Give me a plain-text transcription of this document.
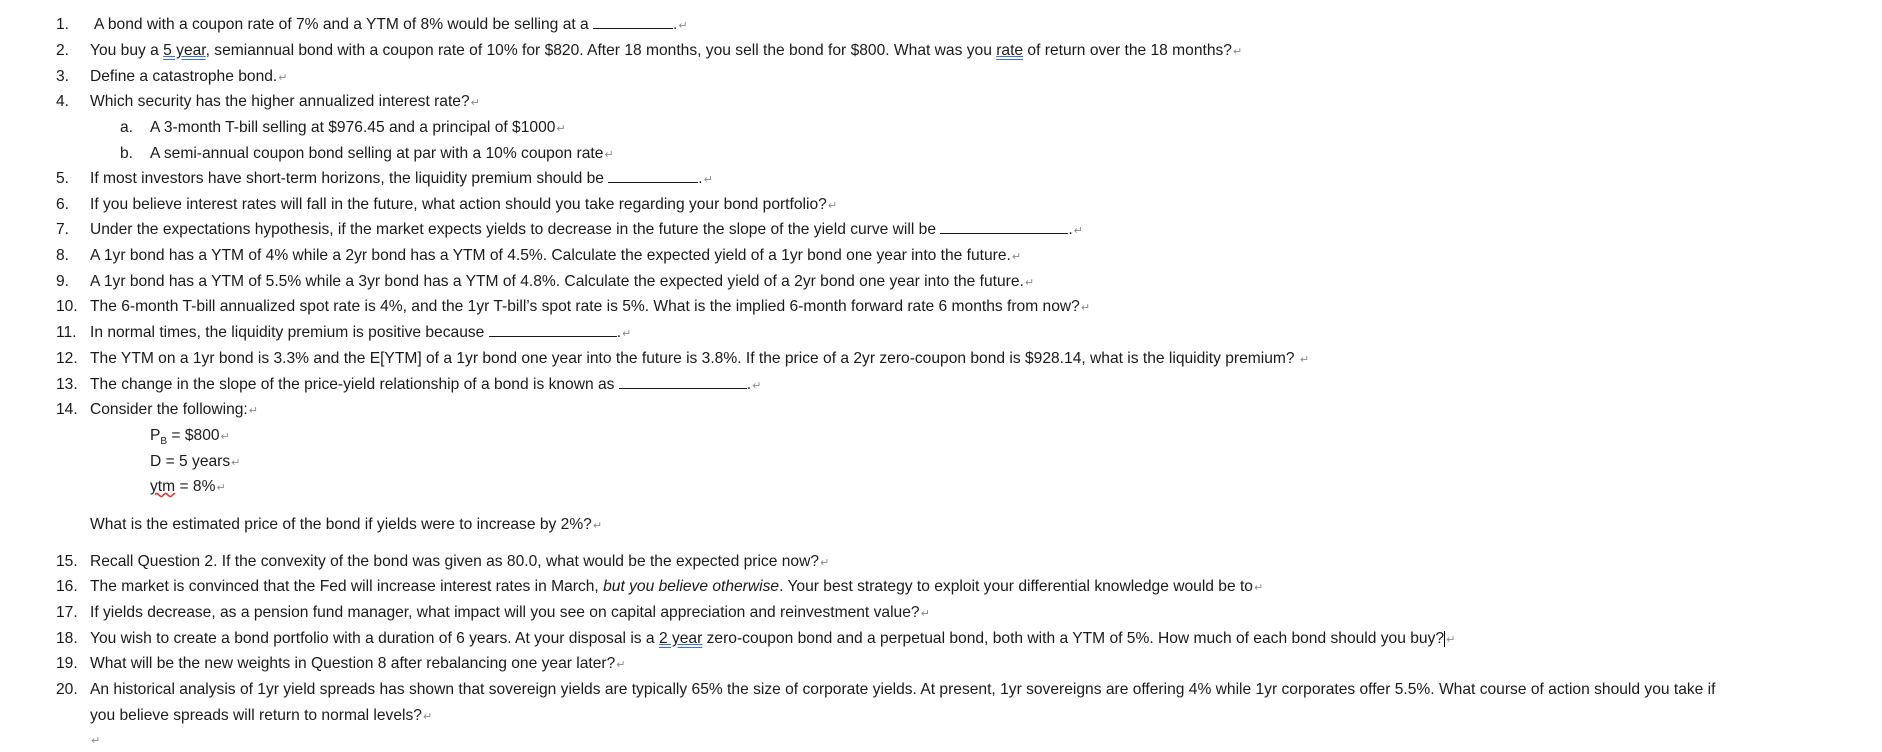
1.	A bond with a coupon rate of 7% and a YTM of 8% would be selling at a	.↵
2.	You buy a 5 year, semiannual bond with a coupon rate of 10% for $820. After 18 months, you sell the bond for $800. What was you rate of return over the 18 months?↵
3.	Define a catastrophe bond.↵
4.	Which security has the higher annualized interest rate?↵
a.	A 3-month T-bill selling at $976.45 and a principal of $1000↵
b.	A semi-annual coupon bond selling at par with a 10% coupon rate↵
5.	If most investors have short-term horizons, the liquidity premium should be	.↵
6.	If you believe interest rates will fall in the future, what action should you take regarding your bond portfolio?↵
7.	Under the expectations hypothesis, if the market expects yields to decrease in the future the slope of the yield curve will be	.↵
8.	A 1yr bond has a YTM of 4% while a 2yr bond has a YTM of 4.5%. Calculate the expected yield of a 1yr bond one year into the future.↵
9.	A 1yr bond has a YTM of 5.5% while a 3yr bond has a YTM of 4.8%. Calculate the expected yield of a 2yr bond one year into the future.↵
10. The 6-month T-bill annualized spot rate is 4%, and the 1yr T-bill’s spot rate is 5%. What is the implied 6-month forward rate 6 months from now?↵
11. In normal times, the liquidity premium is positive because	.↵
12. The YTM on a 1yr bond is 3.3% and the E[YTM] of a 1yr bond one year into the future is 3.8%. If the price of a 2yr zero-coupon bond is $928.14, what is the liquidity premium? ↵
13. The change in the slope of the price-yield relationship of a bond is known as	.↵
14. Consider the following:↵
$P_B$ = $800↵
D = 5 years↵
ytm = 8%↵
What is the estimated price of the bond if yields were to increase by 2%?↵
15. Recall Question 2. If the convexity of the bond was given as 80.0, what would be the expected price now?↵
16. The market is convinced that the Fed will increase interest rates in March, but you believe otherwise. Your best strategy to exploit your differential knowledge would be to↵
17. If yields decrease, as a pension fund manager, what impact will you see on capital appreciation and reinvestment value?↵
18. You wish to create a bond portfolio with a duration of 6 years. At your disposal is a 2 year zero-coupon bond and a perpetual bond, both with a YTM of 5%. How much of each bond should you buy? ↵
19. What will be the new weights in Question 8 after rebalancing one year later?↵
20. An historical analysis of 1yr yield spreads has shown that sovereign yields are typically 65% the size of corporate yields. At present, 1yr sovereigns are offering 4% while 1yr corporates offer 5.5%. What course of action should you take if
you believe spreads will return to normal levels?↵
↵
